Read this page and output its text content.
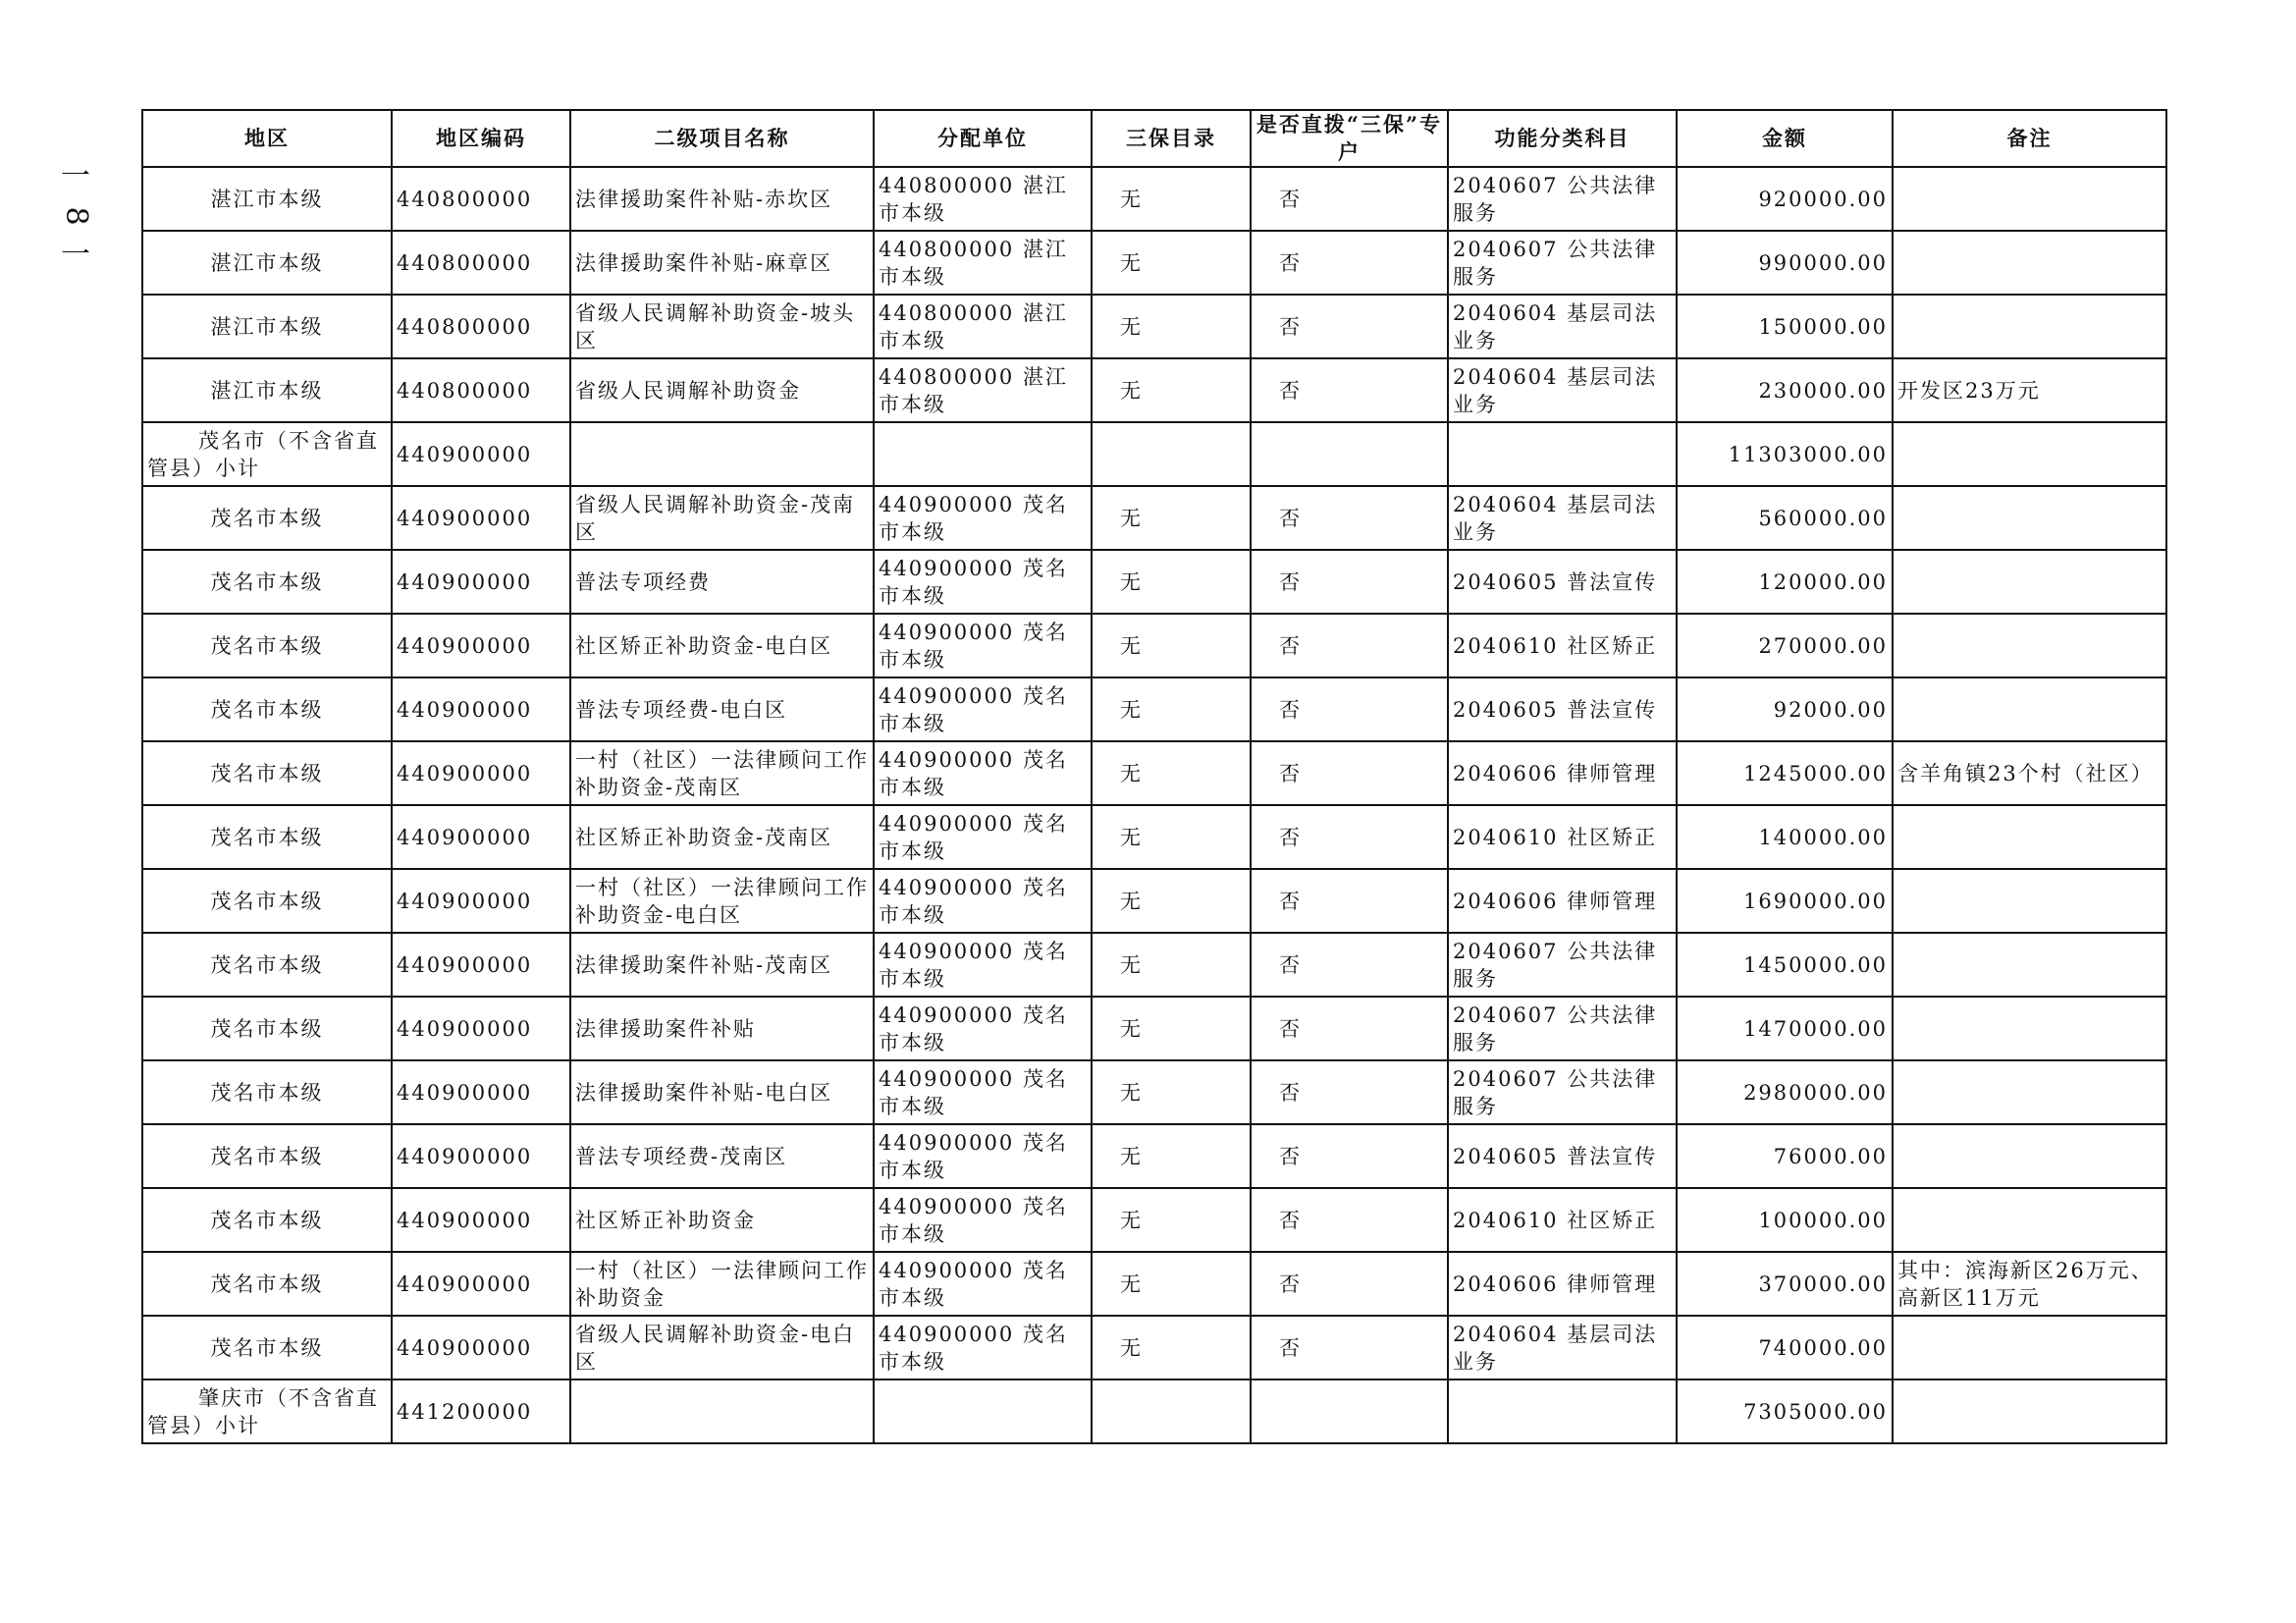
一
8
一
地区	地区编码	二级项目名称	分配单位	三保目录	是否直拨“三保”专户	功能分类科目	金额	备注
湛江市本级	440800000	法律援助案件补贴-赤坎区	440800000 湛江市本级	无	否	2040607 公共法律服务	920000.00	
湛江市本级	440800000	法律援助案件补贴-麻章区	440800000 湛江市本级	无	否	2040607 公共法律服务	990000.00	
湛江市本级	440800000	省级人民调解补助资金-坡头区	440800000 湛江市本级	无	否	2040604 基层司法业务	150000.00	
湛江市本级	440800000	省级人民调解补助资金	440800000 湛江市本级	无	否	2040604 基层司法业务	230000.00	开发区23万元
茂名市（不含省直管县）小计	440900000						11303000.00	
茂名市本级	440900000	省级人民调解补助资金-茂南区	440900000 茂名市本级	无	否	2040604 基层司法业务	560000.00	
茂名市本级	440900000	普法专项经费	440900000 茂名市本级	无	否	2040605 普法宣传	120000.00	
茂名市本级	440900000	社区矫正补助资金-电白区	440900000 茂名市本级	无	否	2040610 社区矫正	270000.00	
茂名市本级	440900000	普法专项经费-电白区	440900000 茂名市本级	无	否	2040605 普法宣传	92000.00	
茂名市本级	440900000	一村（社区）一法律顾问工作补助资金-茂南区	440900000 茂名市本级	无	否	2040606 律师管理	1245000.00	含羊角镇23个村（社区）
茂名市本级	440900000	社区矫正补助资金-茂南区	440900000 茂名市本级	无	否	2040610 社区矫正	140000.00	
茂名市本级	440900000	一村（社区）一法律顾问工作补助资金-电白区	440900000 茂名市本级	无	否	2040606 律师管理	1690000.00	
茂名市本级	440900000	法律援助案件补贴-茂南区	440900000 茂名市本级	无	否	2040607 公共法律服务	1450000.00	
茂名市本级	440900000	法律援助案件补贴	440900000 茂名市本级	无	否	2040607 公共法律服务	1470000.00	
茂名市本级	440900000	法律援助案件补贴-电白区	440900000 茂名市本级	无	否	2040607 公共法律服务	2980000.00	
茂名市本级	440900000	普法专项经费-茂南区	440900000 茂名市本级	无	否	2040605 普法宣传	76000.00	
茂名市本级	440900000	社区矫正补助资金	440900000 茂名市本级	无	否	2040610 社区矫正	100000.00	
茂名市本级	440900000	一村（社区）一法律顾问工作补助资金	440900000 茂名市本级	无	否	2040606 律师管理	370000.00	其中：滨海新区26万元、高新区11万元
茂名市本级	440900000	省级人民调解补助资金-电白区	440900000 茂名市本级	无	否	2040604 基层司法业务	740000.00	
肇庆市（不含省直管县）小计	441200000						7305000.00	
